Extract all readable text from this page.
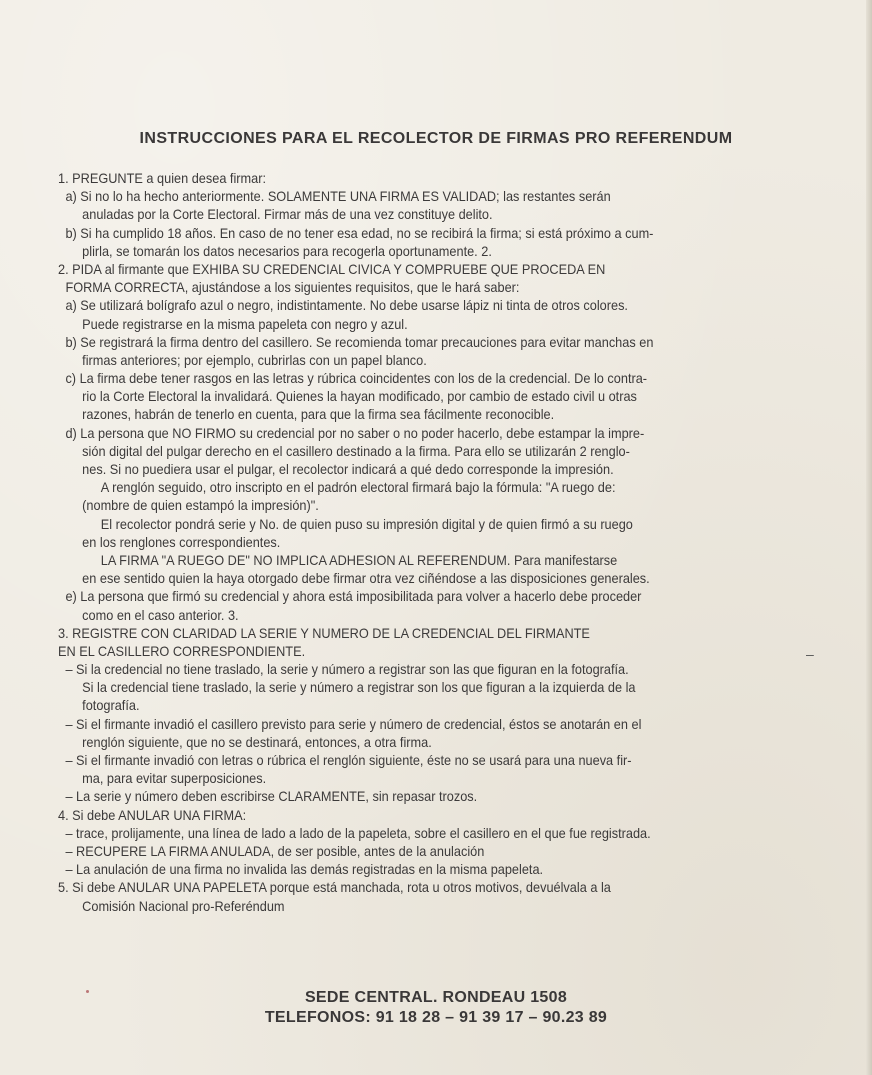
INSTRUCCIONES PARA EL RECOLECTOR DE FIRMAS PRO REFERENDUM
1. PREGUNTE a quien desea firmar:
a) Si no lo ha hecho anteriormente. SOLAMENTE UNA FIRMA ES VALIDAD; las restantes serán
anuladas por la Corte Electoral. Firmar más de una vez constituye delito.
b) Si ha cumplido 18 años. En caso de no tener esa edad, no se recibirá la firma; si está próximo a cum-
plirla, se tomarán los datos necesarios para recogerla oportunamente. 2.
2. PIDA al firmante que EXHIBA SU CREDENCIAL CIVICA Y COMPRUEBE QUE PROCEDA EN
FORMA CORRECTA, ajustándose a los siguientes requisitos, que le hará saber:
a) Se utilizará bolígrafo azul o negro, indistintamente. No debe usarse lápiz ni tinta de otros colores.
Puede registrarse en la misma papeleta con negro y azul.
b) Se registrará la firma dentro del casillero. Se recomienda tomar precauciones para evitar manchas en
firmas anteriores; por ejemplo, cubrirlas con un papel blanco.
c) La firma debe tener rasgos en las letras y rúbrica coincidentes con los de la credencial. De lo contra-
rio la Corte Electoral la invalidará. Quienes la hayan modificado, por cambio de estado civil u otras
razones, habrán de tenerlo en cuenta, para que la firma sea fácilmente reconocible.
d) La persona que NO FIRMO su credencial por no saber o no poder hacerlo, debe estampar la impre-
sión digital del pulgar derecho en el casillero destinado a la firma. Para ello se utilizarán 2 renglo-
nes. Si no puediera usar el pulgar, el recolector indicará a qué dedo corresponde la impresión.
A renglón seguido, otro inscripto en el padrón electoral firmará bajo la fórmula: "A ruego de:
(nombre de quien estampó la impresión)".
El recolector pondrá serie y No. de quien puso su impresión digital y de quien firmó a su ruego
en los renglones correspondientes.
LA FIRMA "A RUEGO DE" NO IMPLICA ADHESION AL REFERENDUM. Para manifestarse
en ese sentido quien la haya otorgado debe firmar otra vez ciñéndose a las disposiciones generales.
e) La persona que firmó su credencial y ahora está imposibilitada para volver a hacerlo debe proceder
como en el caso anterior. 3.
3. REGISTRE CON CLARIDAD LA SERIE Y NUMERO DE LA CREDENCIAL DEL FIRMANTE
EN EL CASILLERO CORRESPONDIENTE.
– Si la credencial no tiene traslado, la serie y número a registrar son las que figuran en la fotografía.
Si la credencial tiene traslado, la serie y número a registrar son los que figuran a la izquierda de la
fotografía.
– Si el firmante invadió el casillero previsto para serie y número de credencial, éstos se anotarán en el
renglón siguiente, que no se destinará, entonces, a otra firma.
– Si el firmante invadió con letras o rúbrica el renglón siguiente, éste no se usará para una nueva fir-
ma, para evitar superposiciones.
– La serie y número deben escribirse CLARAMENTE, sin repasar trozos.
4. Si debe ANULAR UNA FIRMA:
– trace, prolijamente, una línea de lado a lado de la papeleta, sobre el casillero en el que fue registrada.
– RECUPERE LA FIRMA ANULADA, de ser posible, antes de la anulación
– La anulación de una firma no invalida las demás registradas en la misma papeleta.
5. Si debe ANULAR UNA PAPELETA porque está manchada, rota u otros motivos, devuélvala a la
Comisión Nacional pro-Referéndum
–
SEDE CENTRAL. RONDEAU 1508
TELEFONOS: 91 18 28 – 91 39 17 – 90.23 89
